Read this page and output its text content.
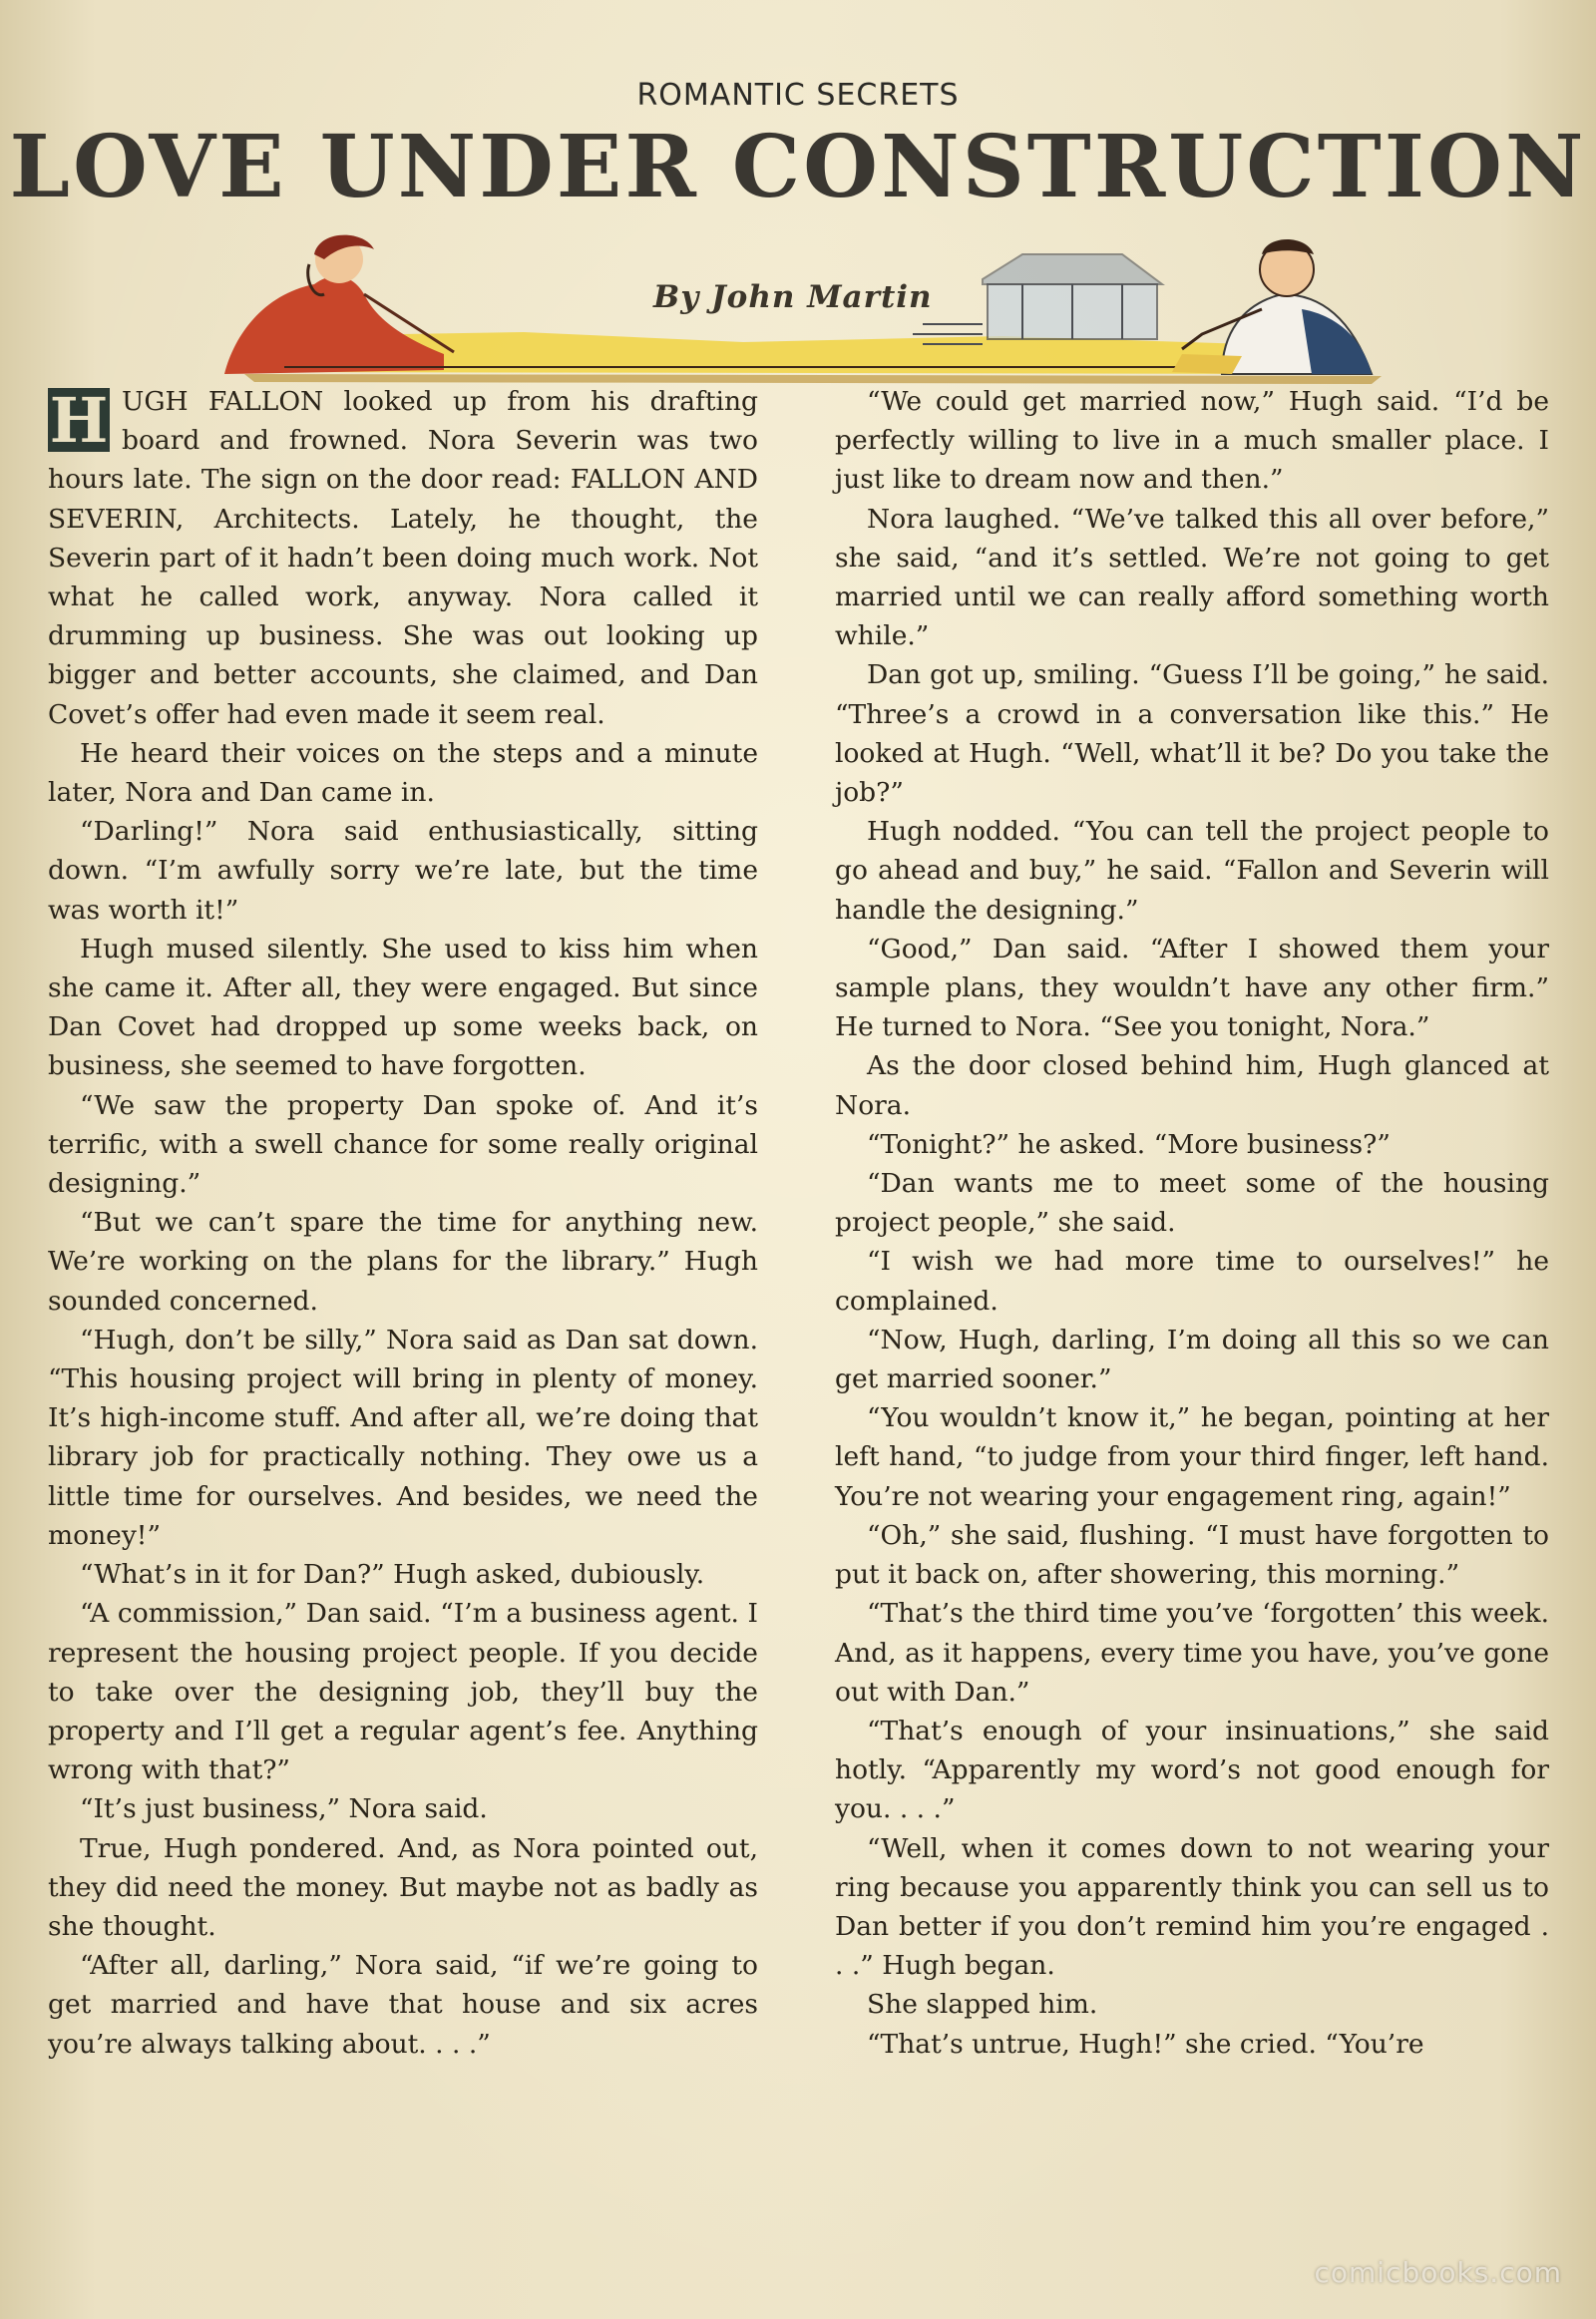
ROMANTIC SECRETS
LOVE UNDER CONSTRUCTION
By John Martin

H UGH FALLON looked up from his drafting board and frowned. Nora Severin was two hours late. The sign on the door read: FALLON AND SEVERIN, Architects. Lately, he thought, the Severin part of it hadn’t been doing much work. Not what he called work, anyway. Nora called it drumming up business. She was out looking up bigger and better accounts, she claimed, and Dan Covet’s offer had even made it seem real.

He heard their voices on the steps and a minute later, Nora and Dan came in.

“Darling!” Nora said enthusiastically, sitting down. “I’m awfully sorry we’re late, but the time was worth it!”

Hugh mused silently. She used to kiss him when she came it. After all, they were engaged. But since Dan Covet had dropped up some weeks back, on business, she seemed to have forgotten.

“We saw the property Dan spoke of. And it’s terrific, with a swell chance for some really original designing.”

“But we can’t spare the time for anything new. We’re working on the plans for the library.” Hugh sounded concerned.

“Hugh, don’t be silly,” Nora said as Dan sat down. “This housing project will bring in plenty of money. It’s high-income stuff. And after all, we’re doing that library job for practically nothing. They owe us a little time for ourselves. And besides, we need the money!”

“What’s in it for Dan?” Hugh asked, dubiously.

“A commission,” Dan said. “I’m a business agent. I represent the housing project people. If you decide to take over the designing job, they’ll buy the property and I’ll get a regular agent’s fee. Anything wrong with that?”

“It’s just business,” Nora said.

True, Hugh pondered. And, as Nora pointed out, they did need the money. But maybe not as badly as she thought.

“After all, darling,” Nora said, “if we’re going to get married and have that house and six acres you’re always talking about. . . .”

“We could get married now,” Hugh said. “I’d be perfectly willing to live in a much smaller place. I just like to dream now and then.”

Nora laughed. “We’ve talked this all over before,” she said, “and it’s settled. We’re not going to get married until we can really afford something worth while.”

Dan got up, smiling. “Guess I’ll be going,” he said. “Three’s a crowd in a conversation like this.” He looked at Hugh. “Well, what’ll it be? Do you take the job?”

Hugh nodded. “You can tell the project people to go ahead and buy,” he said. “Fallon and Severin will handle the designing.”

“Good,” Dan said. “After I showed them your sample plans, they wouldn’t have any other firm.” He turned to Nora. “See you tonight, Nora.”

As the door closed behind him, Hugh glanced at Nora.

“Tonight?” he asked. “More business?”

“Dan wants me to meet some of the housing project people,” she said.

“I wish we had more time to ourselves!” he complained.

“Now, Hugh, darling, I’m doing all this so we can get married sooner.”

“You wouldn’t know it,” he began, pointing at her left hand, “to judge from your third finger, left hand. You’re not wearing your engagement ring, again!”

“Oh,” she said, flushing. “I must have forgotten to put it back on, after showering, this morning.”

“That’s the third time you’ve ‘forgotten’ this week. And, as it happens, every time you have, you’ve gone out with Dan.”

“That’s enough of your insinuations,” she said hotly. “Apparently my word’s not good enough for you. . . .”

“Well, when it comes down to not wearing your ring because you apparently think you can sell us to Dan better if you don’t remind him you’re engaged . . .” Hugh began.

She slapped him.

“That’s untrue, Hugh!” she cried. “You’re

comicbooks.com
